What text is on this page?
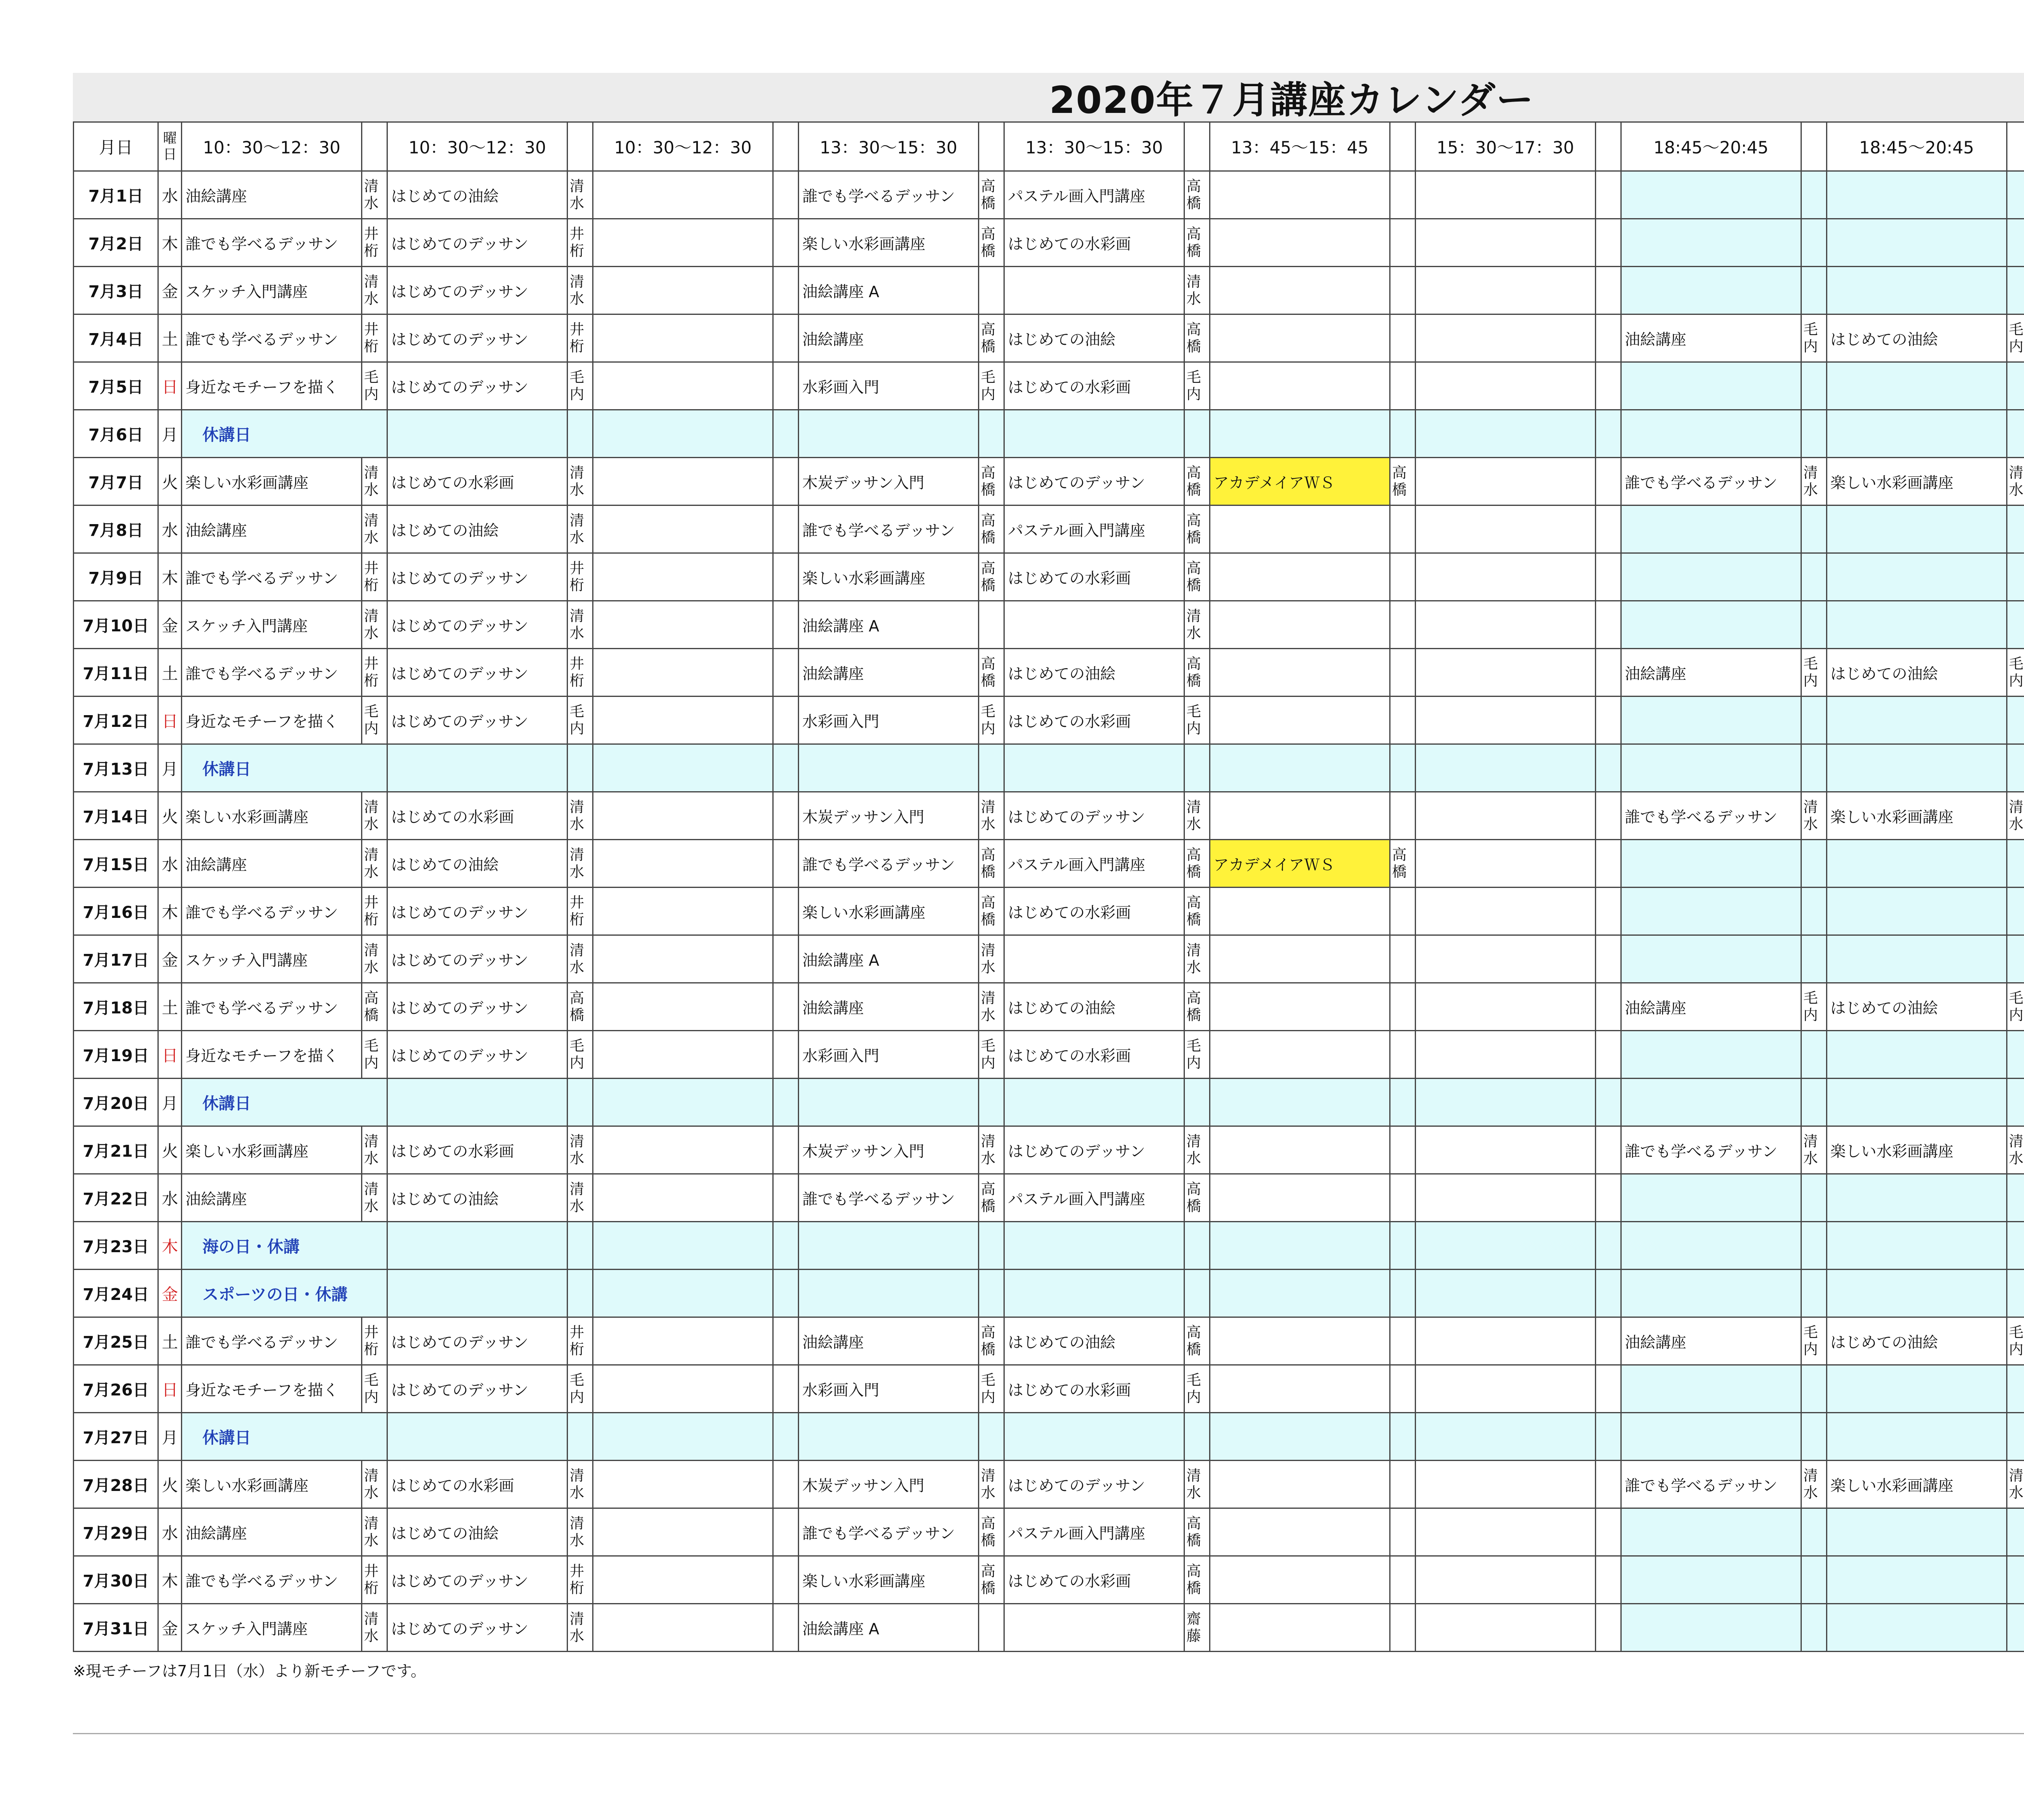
2020年７月講座カレンダー
月日	曜日	10：30〜12：30		10：30〜12：30		10：30〜12：30		13：30〜15：30		13：30〜15：30		13：45〜15：45		15：30〜17：30		18:45〜20:45		18:45〜20:45						
7月1日	水	油絵講座	清水	はじめての油絵	清水			誰でも学べるデッサン	高橋	パステル画入門講座	高橋													
7月2日	木	誰でも学べるデッサン	井桁	はじめてのデッサン	井桁			楽しい水彩画講座	高橋	はじめての水彩画	高橋													
7月3日	金	スケッチ入門講座	清水	はじめてのデッサン	清水			油絵講座 A			清水													
7月4日	土	誰でも学べるデッサン	井桁	はじめてのデッサン	井桁			油絵講座	高橋	はじめての油絵	高橋					油絵講座	毛内	はじめての油絵	毛内					
7月5日	日	身近なモチーフを描く	毛内	はじめてのデッサン	毛内			水彩画入門	毛内	はじめての水彩画	毛内													
7月6日	月	休講日																					
7月7日	火	楽しい水彩画講座	清水	はじめての水彩画	清水			木炭デッサン入門	高橋	はじめてのデッサン	高橋	アカデメイアＷＳ	高橋			誰でも学べるデッサン	清水	楽しい水彩画講座	清水					
7月8日	水	油絵講座	清水	はじめての油絵	清水			誰でも学べるデッサン	高橋	パステル画入門講座	高橋													
7月9日	木	誰でも学べるデッサン	井桁	はじめてのデッサン	井桁			楽しい水彩画講座	高橋	はじめての水彩画	高橋													
7月10日	金	スケッチ入門講座	清水	はじめてのデッサン	清水			油絵講座 A			清水													
7月11日	土	誰でも学べるデッサン	井桁	はじめてのデッサン	井桁			油絵講座	高橋	はじめての油絵	高橋					油絵講座	毛内	はじめての油絵	毛内					
7月12日	日	身近なモチーフを描く	毛内	はじめてのデッサン	毛内			水彩画入門	毛内	はじめての水彩画	毛内													
7月13日	月	休講日																					
7月14日	火	楽しい水彩画講座	清水	はじめての水彩画	清水			木炭デッサン入門	清水	はじめてのデッサン	清水					誰でも学べるデッサン	清水	楽しい水彩画講座	清水					
7月15日	水	油絵講座	清水	はじめての油絵	清水			誰でも学べるデッサン	高橋	パステル画入門講座	高橋	アカデメイアＷＳ	高橋											
7月16日	木	誰でも学べるデッサン	井桁	はじめてのデッサン	井桁			楽しい水彩画講座	高橋	はじめての水彩画	高橋													
7月17日	金	スケッチ入門講座	清水	はじめてのデッサン	清水			油絵講座 A	清水		清水													
7月18日	土	誰でも学べるデッサン	高橋	はじめてのデッサン	高橋			油絵講座	清水	はじめての油絵	高橋					油絵講座	毛内	はじめての油絵	毛内					
7月19日	日	身近なモチーフを描く	毛内	はじめてのデッサン	毛内			水彩画入門	毛内	はじめての水彩画	毛内													
7月20日	月	休講日																					
7月21日	火	楽しい水彩画講座	清水	はじめての水彩画	清水			木炭デッサン入門	清水	はじめてのデッサン	清水					誰でも学べるデッサン	清水	楽しい水彩画講座	清水					
7月22日	水	油絵講座	清水	はじめての油絵	清水			誰でも学べるデッサン	高橋	パステル画入門講座	高橋													
7月23日	木	海の日・休講																					
7月24日	金	スポーツの日・休講																					
7月25日	土	誰でも学べるデッサン	井桁	はじめてのデッサン	井桁			油絵講座	高橋	はじめての油絵	高橋					油絵講座	毛内	はじめての油絵	毛内					
7月26日	日	身近なモチーフを描く	毛内	はじめてのデッサン	毛内			水彩画入門	毛内	はじめての水彩画	毛内													
7月27日	月	休講日																					
7月28日	火	楽しい水彩画講座	清水	はじめての水彩画	清水			木炭デッサン入門	清水	はじめてのデッサン	清水					誰でも学べるデッサン	清水	楽しい水彩画講座	清水					
7月29日	水	油絵講座	清水	はじめての油絵	清水			誰でも学べるデッサン	高橋	パステル画入門講座	高橋													
7月30日	木	誰でも学べるデッサン	井桁	はじめてのデッサン	井桁			楽しい水彩画講座	高橋	はじめての水彩画	高橋													
7月31日	金	スケッチ入門講座	清水	はじめてのデッサン	清水			油絵講座 A			齋藤													
※現モチーフは7月1日（水）より新モチーフです。
